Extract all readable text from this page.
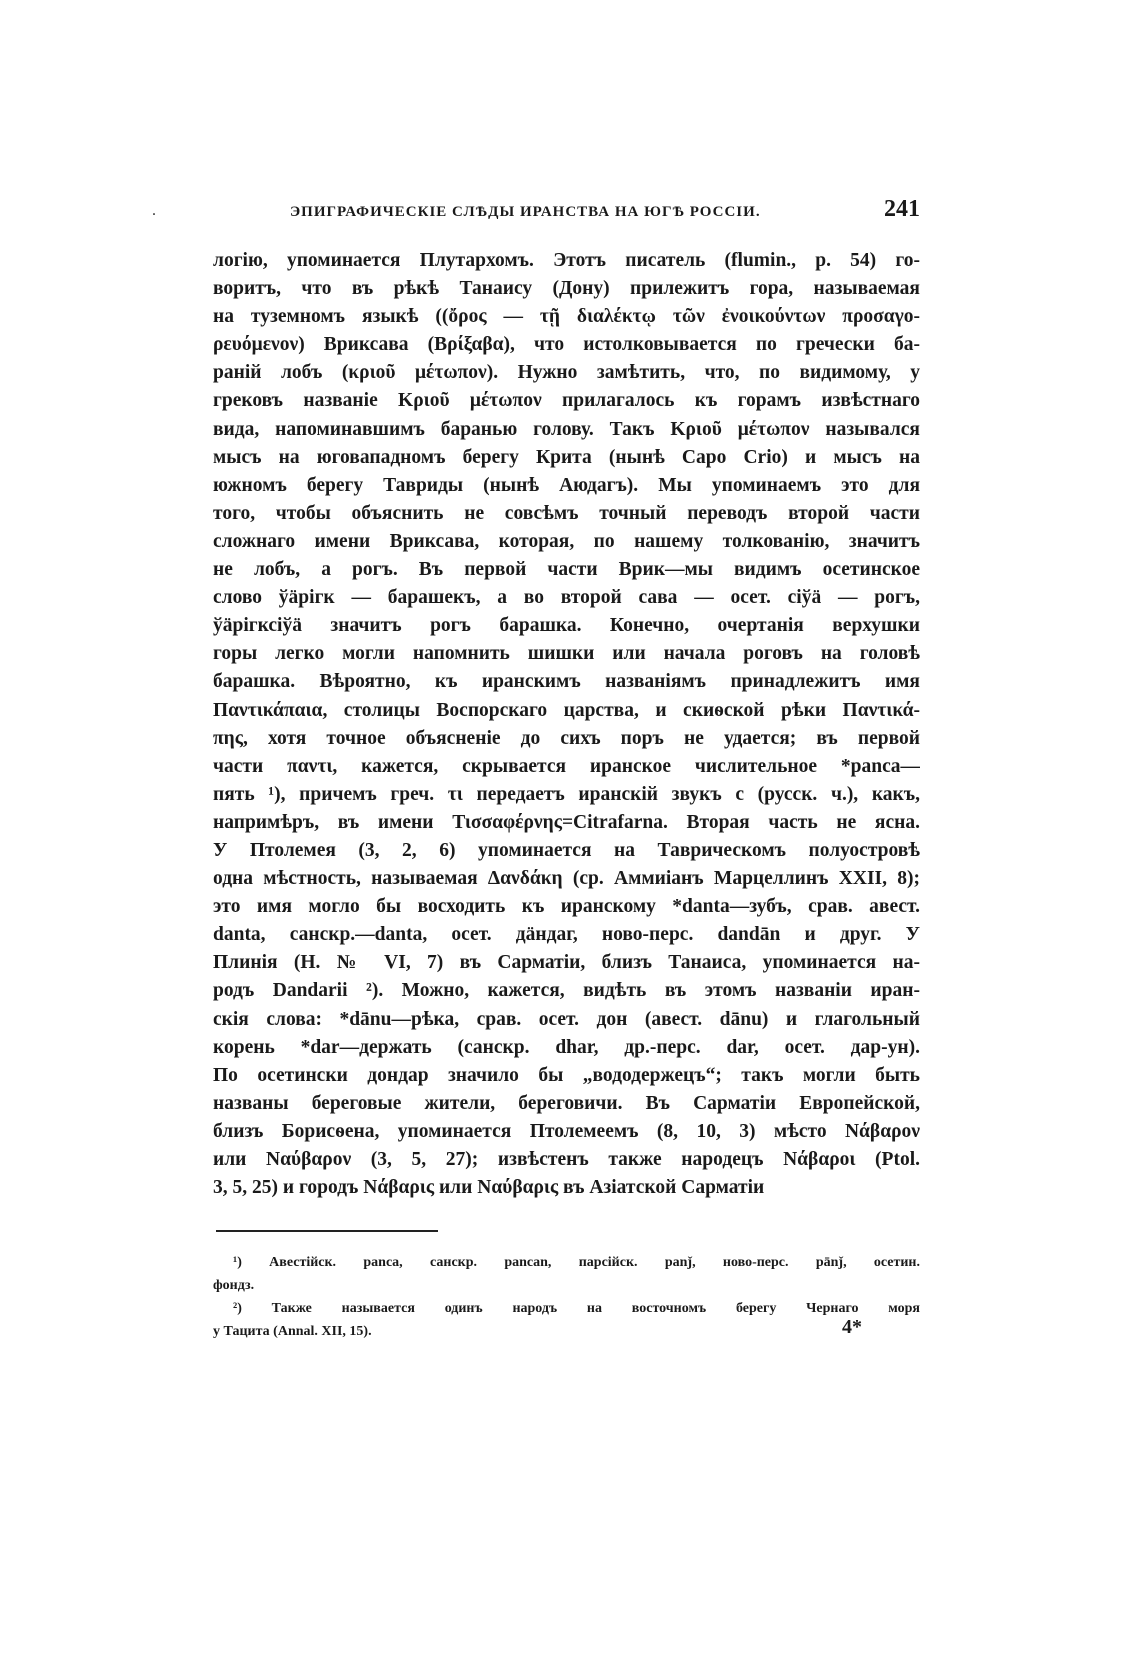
.	ЭПИГРАФИЧЕСКІЕ СЛѢДЫ ИРАНСТВА НА ЮГѢ РОССІИ.	241
логію, упоминается Плутархомъ. Этотъ писатель (flumin., p. 54) го-
воритъ, что въ рѣкѣ Танаису (Дону) прилежитъ гора, называемая
на туземномъ языкѣ ((ὄρος — τῇ διαλέκτῳ τῶν ἐνοικούντων προσαγο-
ρευόμενον) Вриксава (Βρίξαβα), что истолковывается по гречески ба-
раній лобъ (κριοῦ μέτωπον). Нужно замѣтить, что, по видимому, у
грековъ названіе Κριοῦ μέτωπον прилагалось къ горамъ извѣстнаго
вида, напоминавшимъ баранью голову. Такъ Κριοῦ μέτωπον назывался
мысъ на юговападномъ берегу Крита (нынѣ Capo Crio) и мысъ на
южномъ берегу Тавриды (нынѣ Аюдагъ). Мы упоминаемъ это для
того, чтобы объяснить не совсѣмъ точный переводъ второй части
сложнаго имени Вриксава, которая, по нашему толкованію, значитъ
не лобъ, а рогъ. Въ первой части Врик—мы видимъ осетинское
слово ўäрігк — барашекъ, а во второй сава — осет. сіўä — рогъ,
ўäрігксіўä значитъ рогъ барашка. Конечно, очертанія верхушки
горы легко могли напомнить шишки или начала роговъ на головѣ
барашка. Вѣроятно, къ иранскимъ названіямъ принадлежитъ имя
Παντικάπαια, столицы Воспорскаго царства, и скиѳской рѣки Παντικά-
πης, хотя точное объясненіе до сихъ поръ не удается; въ первой
части παντι, кажется, скрывается иранское числительное *panca—
пять ¹), причемъ греч. τι передаетъ иранскій звукъ c (русск. ч.), какъ,
напримѣръ, въ имени Τισσαφέρνης=Citrafarna. Вторая часть не ясна.
У Птолемея (3, 2, 6) упоминается на Таврическомъ полуостровѣ
одна мѣстность, называемая Δανδάκη (ср. Аммиіанъ Марцеллинъ XXII, 8);
это имя могло бы восходить къ иранскому *danta—зубъ, срав. авест.
danta, санскр.—danta, осет. дäндаг, ново-перс. dandān и друг. У
Плинія (Н. № VI, 7) въ Сарматіи, близъ Танаиса, упоминается на-
родъ Dandarii ²). Можно, кажется, видѣть въ этомъ названіи иран-
скія слова: *dānu—рѣка, срав. осет. дон (авест. dānu) и глагольный
корень *dar—держать (санскр. dhar, др.-перс. dar, осет. дар-ун).
По осетински дондар значило бы „вододержецъ“; такъ могли быть
названы береговые жители, береговичи. Въ Сарматіи Европейской,
близъ Борисѳена, упоминается Птолемеемъ (8, 10, 3) мѣсто Νάβαρον
или Ναύβαρον (3, 5, 27); извѣстенъ также народецъ Νάβαροι (Ptol.
3, 5, 25) и городъ Νάβαρις или Ναύβαρις въ Азіатской Сарматіи
¹) Авестійск. panca, санскр. pancan, парсійск. panǰ, ново-перс. pānǰ, осетин.
фондз.
²) Также называется одинъ народъ на восточномъ берегу Чернаго моря
у Тацита (Annal. XII, 15).	4*
